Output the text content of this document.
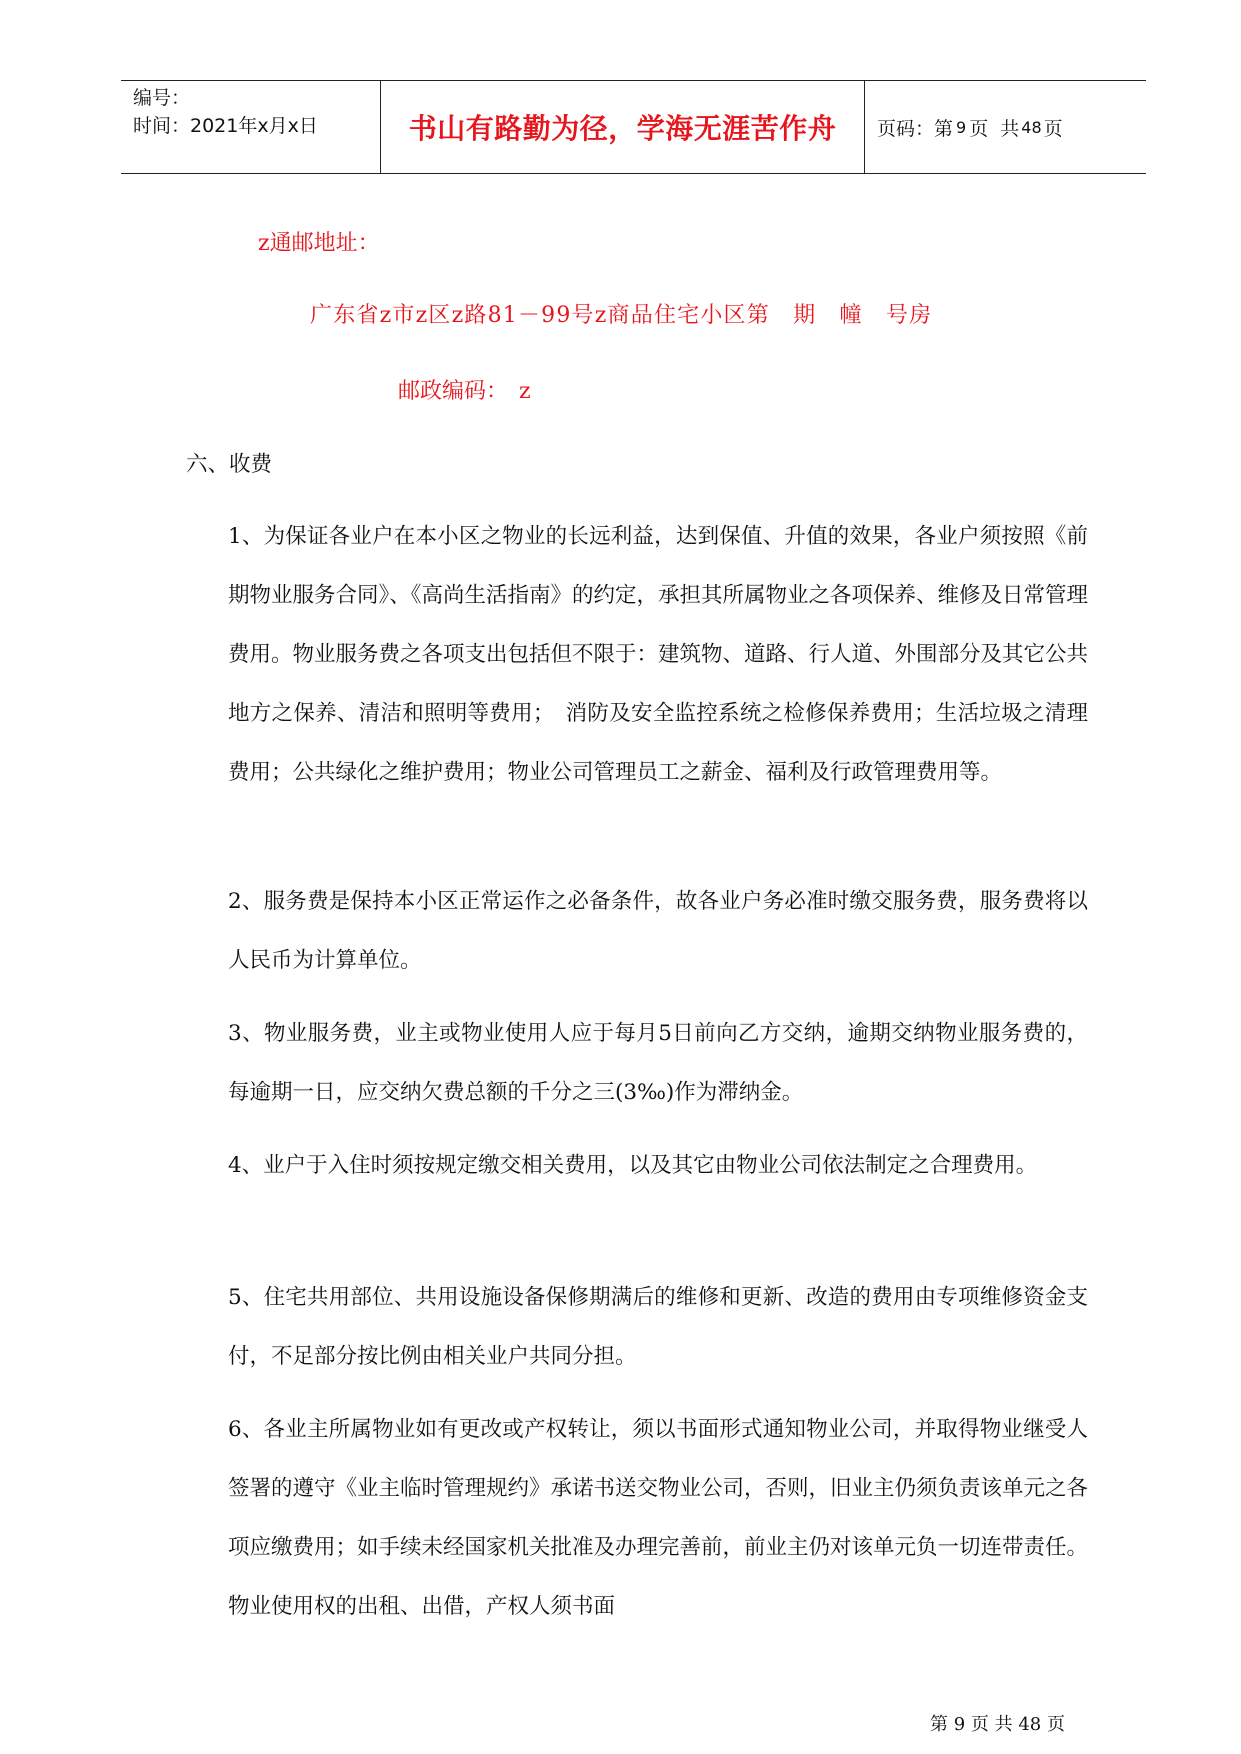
编号：
时间：2021年x月x日	书山有路勤为径，学海无涯苦作舟 页码：第 9 页  共 48 页
z通邮地址：
广东省z市z区z路81－99号z商品住宅小区第　期　幢　号房
邮政编码：　z
六、收费
1、为保证各业户在本小区之物业的长远利益，达到保值、升值的效果，各业户须按照《前期物业服务合同》、《高尚生活指南》的约定，承担其所属物业之各项保养、维修及日常管理费用。物业服务费之各项支出包括但不限于：建筑物、道路、行人道、外围部分及其它公共地方之保养、清洁和照明等费用；　消防及安全监控系统之检修保养费用；生活垃圾之清理费用；公共绿化之维护费用；物业公司管理员工之薪金、福利及行政管理费用等。
2、服务费是保持本小区正常运作之必备条件，故各业户务必准时缴交服务费，服务费将以人民币为计算单位。
3、物业服务费，业主或物业使用人应于每月5日前向乙方交纳，逾期交纳物业服务费的，每逾期一日，应交纳欠费总额的千分之三(3‰)作为滞纳金。
4、业户于入住时须按规定缴交相关费用，以及其它由物业公司依法制定之合理费用。
5、住宅共用部位、共用设施设备保修期满后的维修和更新、改造的费用由专项维修资金支付，不足部分按比例由相关业户共同分担。
6、各业主所属物业如有更改或产权转让，须以书面形式通知物业公司，并取得物业继受人签署的遵守《业主临时管理规约》承诺书送交物业公司，否则，旧业主仍须负责该单元之各项应缴费用；如手续未经国家机关批准及办理完善前，前业主仍对该单元负一切连带责任。物业使用权的出租、出借，产权人须书面
第 9 页 共 48 页
